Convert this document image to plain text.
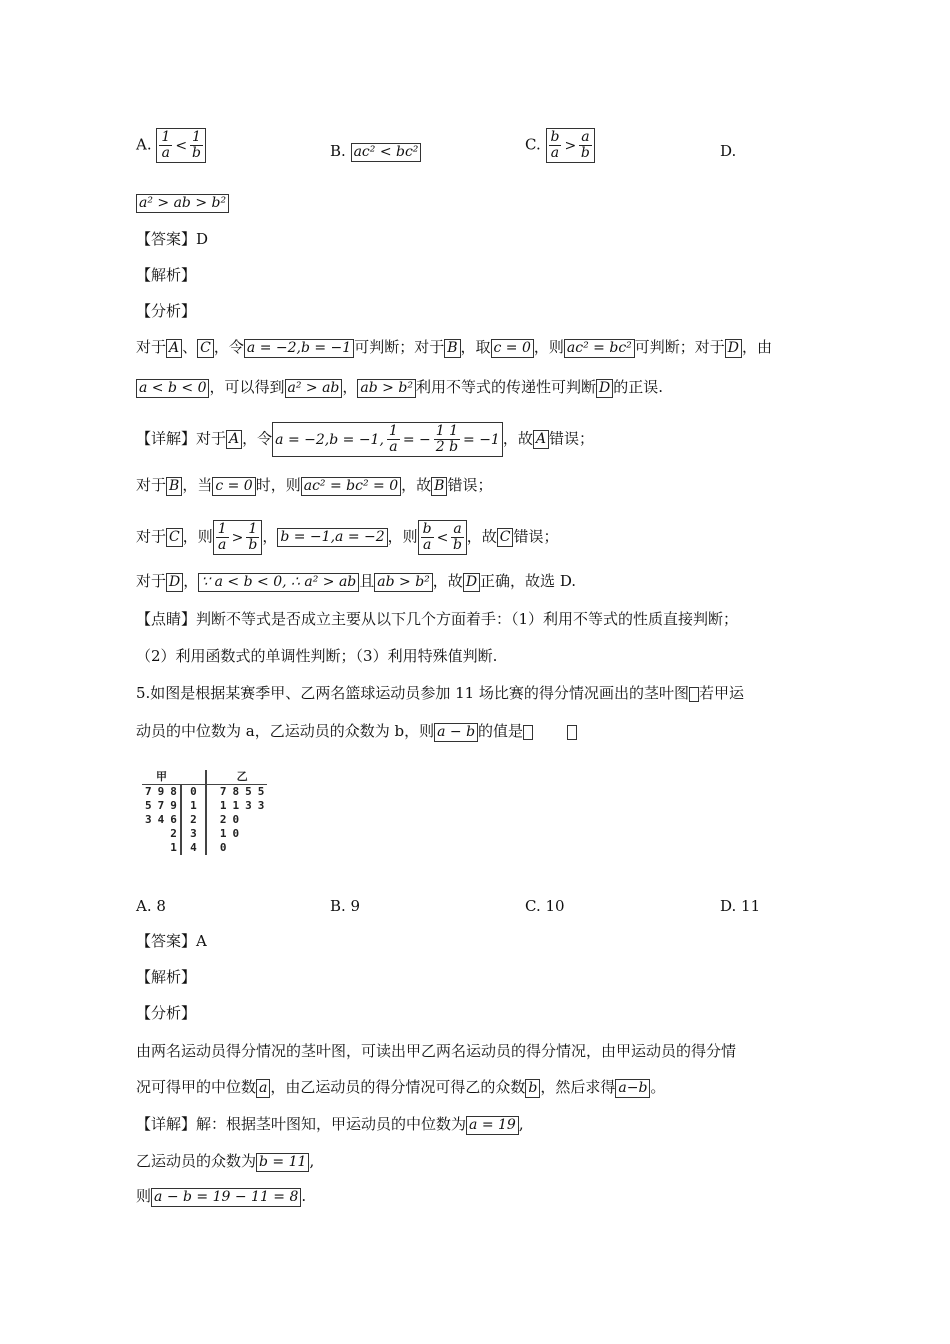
A. $\frac{1}{a} < \frac{1}{b}$	B. ac² < bc²	C. $\frac{b}{a} > \frac{a}{b}$	D.
a² > ab > b²
【答案】D
【解析】
【分析】
对于 A 、 C ，令 a = −2,b = −1 可判断；对于 B ，取 c = 0 ，则 ac² = bc² 可判断；对于 D ，由
a < b < 0 ，可以得到 a² > ab ， ab > b² 利用不等式的传递性可判断 D 的正误.
【详解】对于 A ，令 a = −2,b = −1, $\frac{1}{a}$ = − $\frac{1 1}{2 b} = -1$ ，故 A 错误；
对于 B ，当 c = 0 时，则 ac² = bc² = 0 ，故 B 错误；
对于 C ，则 $\frac{1}{a} > \frac{1}{b}$ ， b = −1,a = −2 ，则 $\frac{b}{a} < \frac{a}{b}$ ，故 C 错误；
对于 D ， ∵ a < b < 0, ∴ a² > ab 且 ab > b² ，故 D 正确，故选 D.
【点睛】判断不等式是否成立主要从以下几个方面着手：（1）利用不等式的性质直接判断；
（2）利用函数式的单调性判断；（3）利用特殊值判断.
5.如图是根据某赛季甲、乙两名篮球运动员参加 11 场比赛的得分情况画出的茎叶图 若甲运
动员的中位数为 a，乙运动员的众数为 b，则 a − b 的值是
甲					乙			
7	9	8	0		7	8	5	5
5	7	9	1		1	1	3	3
3	4	6	2		2	0		
		2	3		1	0		
		1	4		0			
A. 8	B. 9	C. 10	D. 11
【答案】A
【解析】
【分析】
由两名运动员得分情况的茎叶图，可读出甲乙两名运动员的得分情况，由甲运动员的得分情
况可得甲的中位数 a ，由乙运动员的得分情况可得乙的众数 b ，然后求得 a−b 。
【详解】解：根据茎叶图知，甲运动员的中位数为 a = 19 ,
乙运动员的众数为 b = 11 ,
则 a − b = 19 − 11 = 8 .
